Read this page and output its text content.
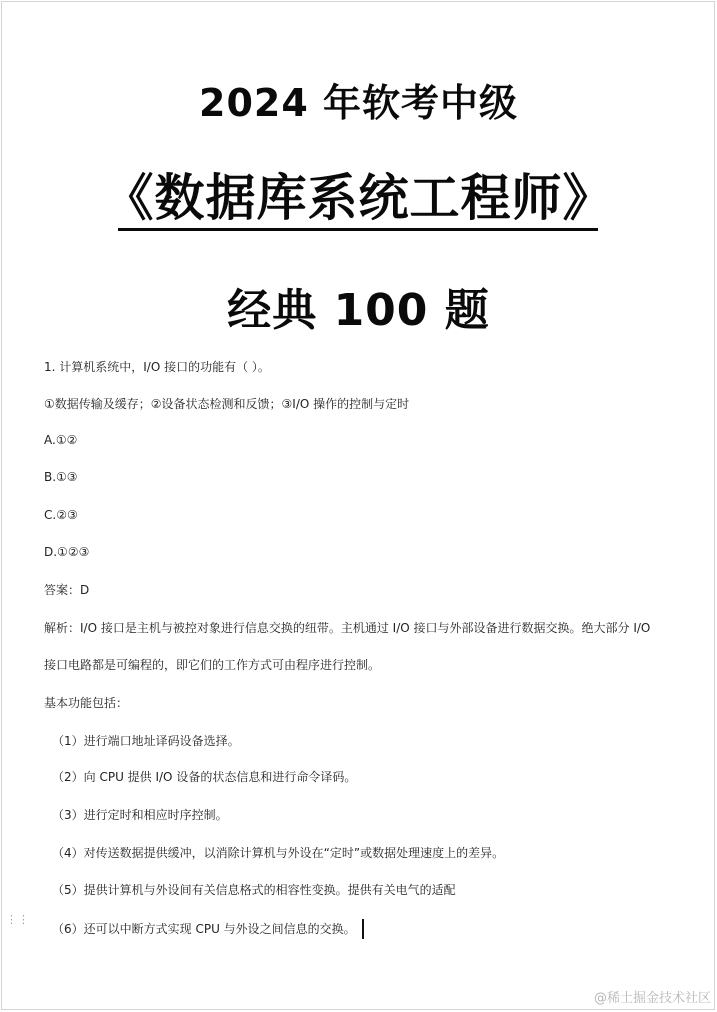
2024 年软考中级
《数据库系统工程师》
经典 100 题
1. 计算机系统中，I/O 接口的功能有（ ）。
①数据传输及缓存；②设备状态检测和反馈；③I/O 操作的控制与定时
A.①②
B.①③
C.②③
D.①②③
答案：D
解析：I/O 接口是主机与被控对象进行信息交换的纽带。主机通过 I/O 接口与外部设备进行数据交换。绝大部分 I/O
接口电路都是可编程的，即它们的工作方式可由程序进行控制。
基本功能包括：
（1）进行端口地址译码设备选择。
（2）向 CPU 提供 I/O 设备的状态信息和进行命令译码。
（3）进行定时和相应时序控制。
（4）对传送数据提供缓冲，以消除计算机与外设在“定时”或数据处理速度上的差异。
（5）提供计算机与外设间有关信息格式的相容性变换。提供有关电气的适配
⋮⋮
（6）还可以中断方式实现 CPU 与外设之间信息的交换。
@稀土掘金技术社区
